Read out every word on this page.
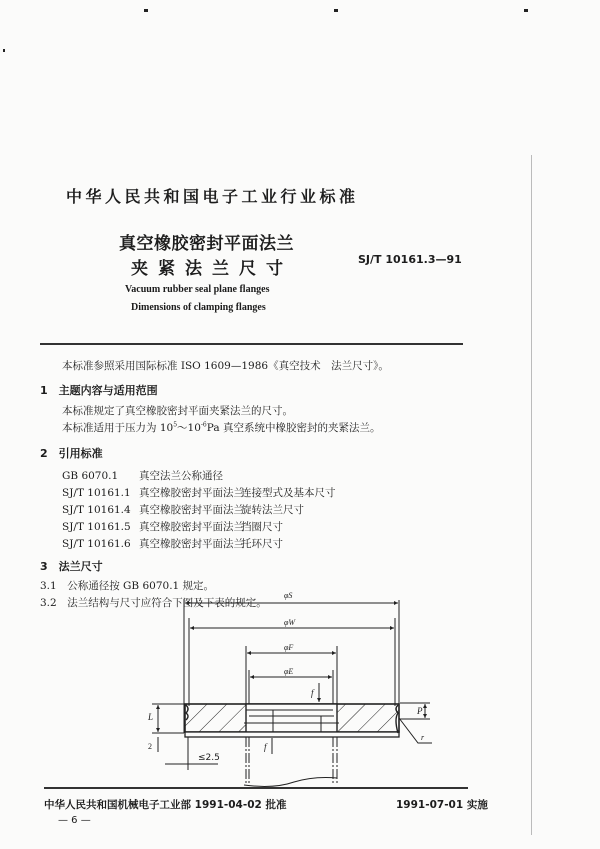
中华人民共和国电子工业行业标准
真空橡胶密封平面法兰
夹紧法兰尺寸	SJ/T 10161.3—91
Vacuum rubber seal plane flanges
Dimensions of clamping flanges
本标准参照采用国际标准 ISO 1609—1986《真空技术　法兰尺寸》。
1　主题内容与适用范围
本标准规定了真空橡胶密封平面夹紧法兰的尺寸。
本标准适用于压力为 $10^5\sim 10^{-6}Pa$ 真空系统中橡胶密封的夹紧法兰。
2　引用标准
GB 6070.1 真空法兰公称通径
SJ/T 10161.1 真空橡胶密封平面法兰连接型式及基本尺寸
SJ/T 10161.4 真空橡胶密封平面法兰旋转法兰尺寸
SJ/T 10161.5 真空橡胶密封平面法兰挡圈尺寸
SJ/T 10161.6 真空橡胶密封平面法兰托环尺寸
3　法兰尺寸
3.1　公称通径按 GB 6070.1 规定。
3.2　法兰结构与尺寸应符合下图及下表的规定。
φS
φW
φF
φE
f
f
L
P
r
2
≤2.5
中华人民共和国机械电子工业部 1991-04-02 批准	1991-07-01 实施
— 6 —
